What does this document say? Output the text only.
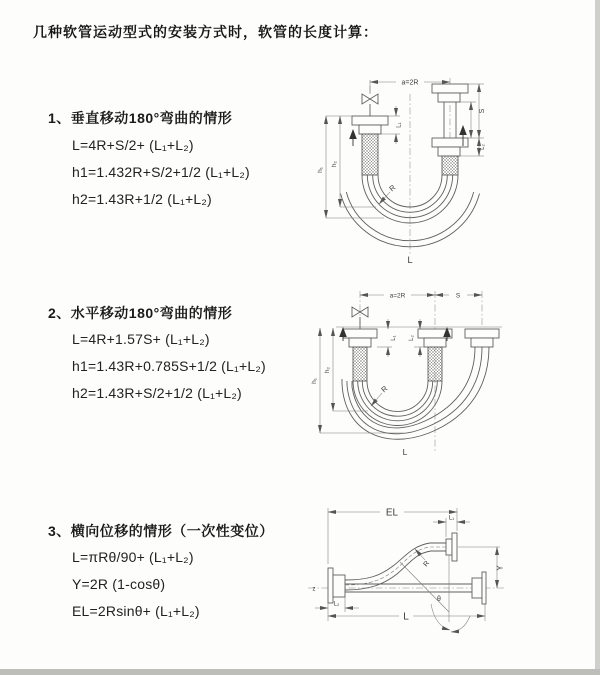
几种软管运动型式的安装方式时，软管的长度计算：
1、垂直移动180°弯曲的情形
L=4R+S/2+ (L₁+L₂)
h1=1.432R+S/2+1/2 (L₁+L₂)
h2=1.43R+1/2 (L₁+L₂)
2、水平移动180°弯曲的情形
L=4R+1.57S+ (L₁+L₂)
h1=1.43R+0.785S+1/2 (L₁+L₂)
h2=1.43R+S/2+1/2 (L₁+L₂)
3、横向位移的情形（一次性变位）
L=πRθ/90+ (L₁+L₂)
Y=2R (1-cosθ)
EL=2Rsinθ+ (L₁+L₂)
a=2R
h₁
h₂
L₁
S
L₂
R
L
a=2R	S
h₁
h₂
L₁ L₂
R
L
z
θ
R
EL	L₁
Y
L₂
L
